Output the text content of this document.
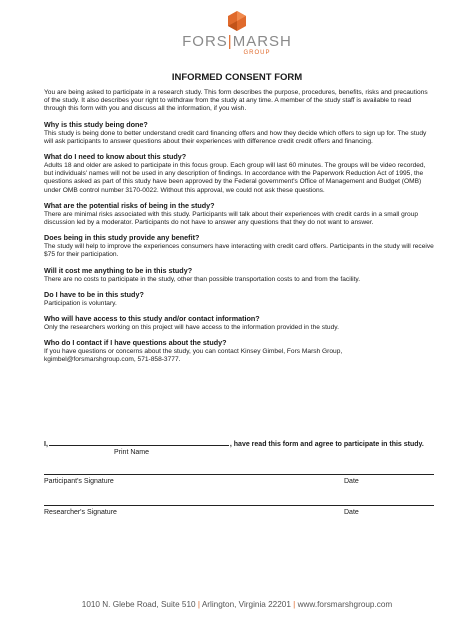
FORS|MARSH
GROUP
INFORMED CONSENT FORM

You are being asked to participate in a research study. This form describes the purpose, procedures, benefits, risks and precautions of the study. It also describes your right to withdraw from the study at any time. A member of the study staff is available to read through this form with you and discuss all the information, if you wish.

Why is this study being done?
This study is being done to better understand credit card financing offers and how they decide which offers to sign up for. The study will ask participants to answer questions about their experiences with difference credit credit offers and financing.
What do I need to know about this study?
Adults 18 and older are asked to participate in this focus group. Each group will last 60 minutes. The groups will be video recorded, but individuals' names will not be used in any description of findings. In accordance with the Paperwork Reduction Act of 1995, the questions asked as part of this study have been approved by the Federal government's Office of Management and Budget (OMB) under OMB control number 3170-0022. Without this approval, we could not ask these questions.
What are the potential risks of being in the study?
There are minimal risks associated with this study. Participants will talk about their experiences with credit cards in a small group discussion led by a moderator. Participants do not have to answer any questions that they do not want to answer.
Does being in this study provide any benefit?
The study will help to improve the experiences consumers have interacting with credit card offers. Participants in the study will receive $75 for their participation.
Will it cost me anything to be in this study?
There are no costs to participate in the study, other than possible transportation costs to and from the facility.
Do I have to be in this study?
Participation is voluntary.
Who will have access to this study and/or contact information?
Only the researchers working on this project will have access to the information provided in the study.
Who do I contact if I have questions about the study?
If you have questions or concerns about the study, you can contact Kinsey Gimbel, Fors Marsh Group, kgimbel@forsmarshgroup.com, 571-858-3777.
I,	, have read this form and agree to participate in this study.
Print Name
Participant's Signature	Date
Researcher's Signature	Date
1010 N. Glebe Road, Suite 510 | Arlington, Virginia 22201 | www.forsmarshgroup.com
